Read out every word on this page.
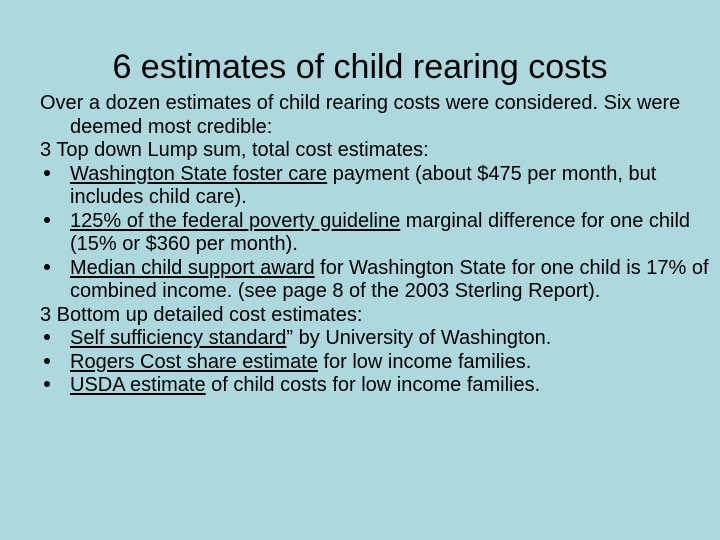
6 estimates of child rearing costs

Over a dozen estimates of child rearing costs were considered. Six were deemed most credible:

3 Top down Lump sum, total cost estimates:

Washington State foster care payment (about $475 per month, but includes child care).

125% of the federal poverty guideline marginal difference for one child (15% or $360 per month).

Median child support award for Washington State for one child is 17% of combined income. (see page 8 of the 2003 Sterling Report).

3 Bottom up detailed cost estimates:

Self sufficiency standard” by University of Washington.

Rogers Cost share estimate for low income families.

USDA estimate of child costs for low income families.
